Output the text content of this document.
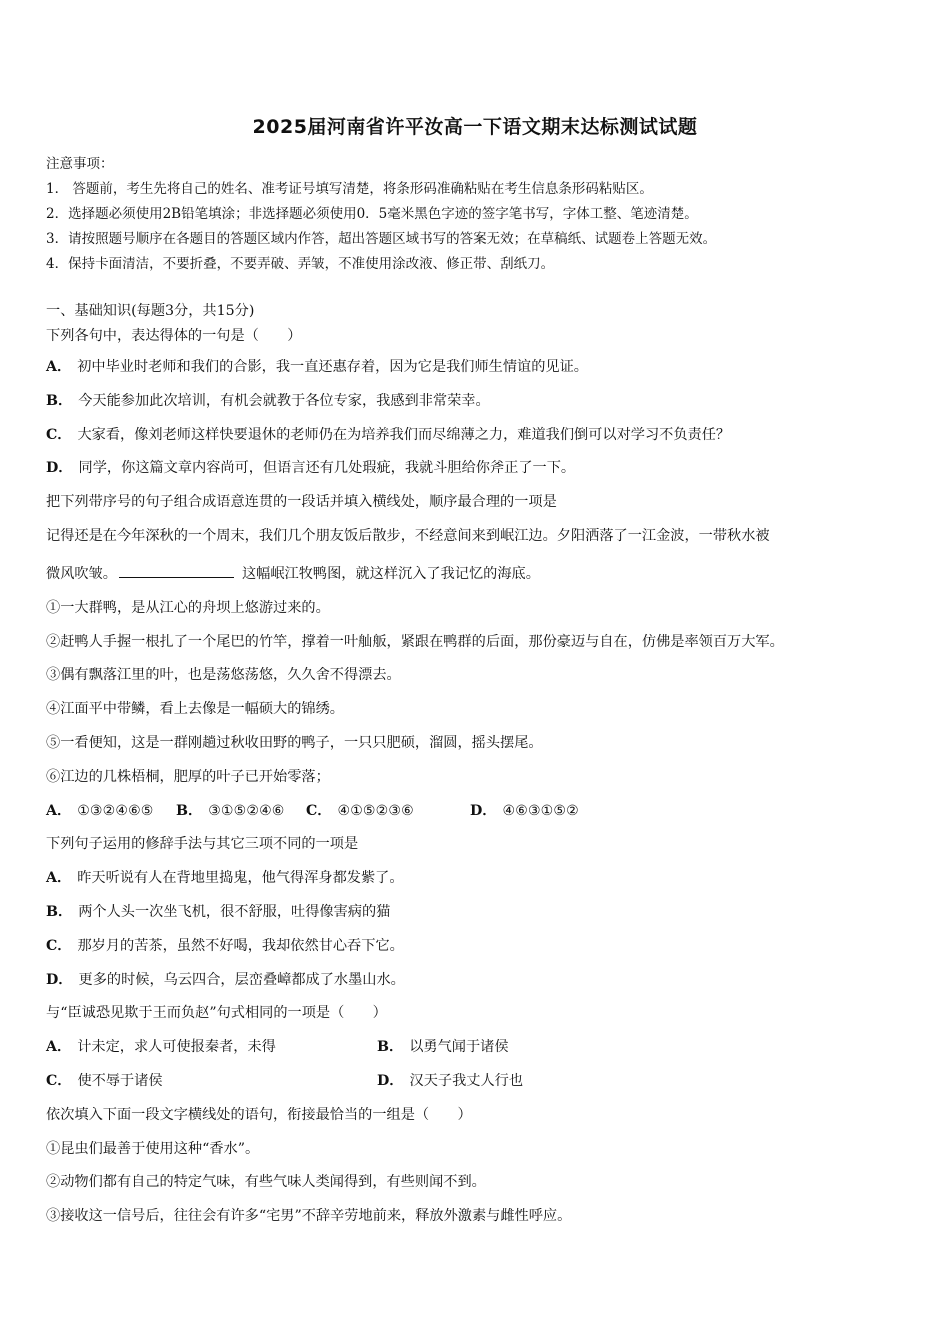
2025届河南省许平汝高一下语文期末达标测试试题
注意事项：
1． 答题前，考生先将自己的姓名、准考证号填写清楚，将条形码准确粘贴在考生信息条形码粘贴区。
2．选择题必须使用2B铅笔填涂；非选择题必须使用0．5毫米黑色字迹的签字笔书写，字体工整、笔迹清楚。
3．请按照题号顺序在各题目的答题区域内作答，超出答题区域书写的答案无效；在草稿纸、试题卷上答题无效。
4．保持卡面清洁，不要折叠，不要弄破、弄皱，不准使用涂改液、修正带、刮纸刀。
一、基础知识(每题3分，共15分)
下列各句中，表达得体的一句是（　　）
A． 初中毕业时老师和我们的合影，我一直还惠存着，因为它是我们师生情谊的见证。
B． 今天能参加此次培训，有机会就教于各位专家，我感到非常荣幸。
C． 大家看，像刘老师这样快要退休的老师仍在为培养我们而尽绵薄之力，难道我们倒可以对学习不负责任？
D． 同学，你这篇文章内容尚可，但语言还有几处瑕疵，我就斗胆给你斧正了一下。
把下列带序号的句子组合成语意连贯的一段话并填入横线处，顺序最合理的一项是
记得还是在今年深秋的一个周末，我们几个朋友饭后散步，不经意间来到岷江边。夕阳洒落了一江金波，一带秋水被
微风吹皱。	这幅岷江牧鸭图，就这样沉入了我记忆的海底。
①一大群鸭，是从江心的舟坝上悠游过来的。
②赶鸭人手握一根扎了一个尾巴的竹竿，撑着一叶舢舨，紧跟在鸭群的后面，那份豪迈与自在，仿佛是率领百万大军。
③偶有飘落江里的叶，也是荡悠荡悠，久久舍不得漂去。
④江面平中带鳞，看上去像是一幅硕大的锦绣。
⑤一看便知，这是一群刚趟过秋收田野的鸭子，一只只肥硕，溜圆，摇头摆尾。
⑥江边的几株梧桐，肥厚的叶子已开始零落；
A． ①③②④⑥⑤ B． ③①⑤②④⑥ C． ④①⑤②③⑥	D． ④⑥③①⑤②
下列句子运用的修辞手法与其它三项不同的一项是
A． 昨天听说有人在背地里捣鬼，他气得浑身都发紫了。
B． 两个人头一次坐飞机，很不舒服，吐得像害病的猫
C． 那岁月的苦茶，虽然不好喝，我却依然甘心吞下它。
D． 更多的时候，乌云四合，层峦叠嶂都成了水墨山水。
与“臣诚恐见欺于王而负赵”句式相同的一项是（　　）
A． 计未定，求人可使报秦者，未得	B． 以勇气闻于诸侯
C． 使不辱于诸侯	D． 汉天子我丈人行也
依次填入下面一段文字横线处的语句，衔接最恰当的一组是（　　）
①昆虫们最善于使用这种“香水”。
②动物们都有自己的特定气味，有些气味人类闻得到，有些则闻不到。
③接收这一信号后，往往会有许多“宅男”不辞辛劳地前来，释放外激素与雌性呼应。
